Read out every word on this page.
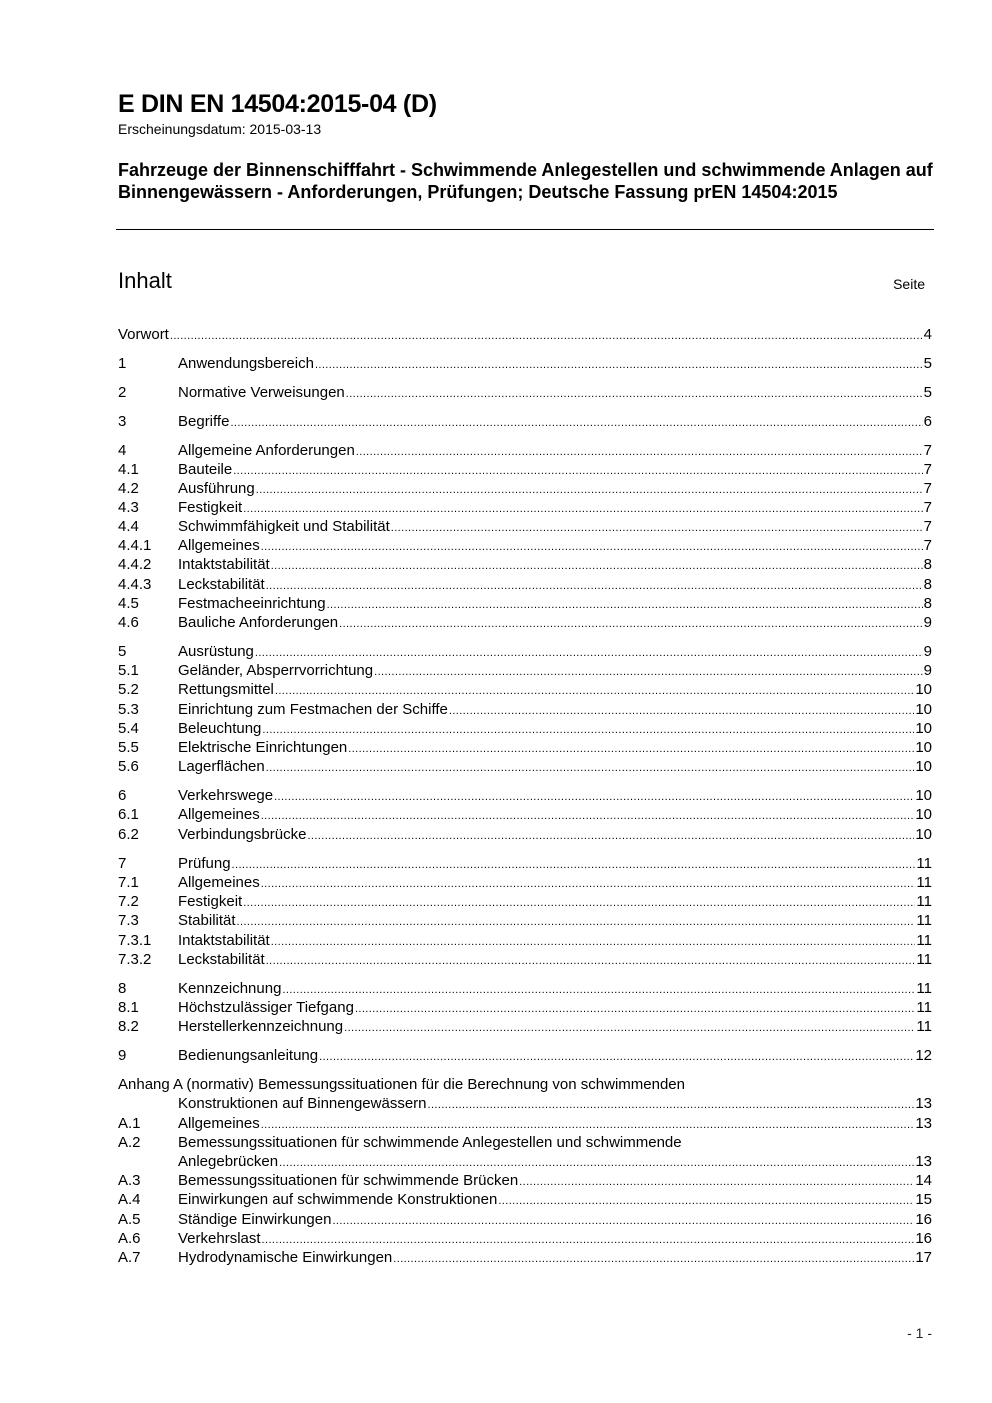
E DIN EN 14504:2015-04 (D)
Erscheinungsdatum: 2015-03-13
Fahrzeuge der Binnenschifffahrt - Schwimmende Anlegestellen und schwimmende Anlagen auf Binnengewässern - Anforderungen, Prüfungen; Deutsche Fassung prEN 14504:2015
Inhalt	Seite
Vorwort .....	4
1	Anwendungsbereich .....	5
2	Normative Verweisungen .....	5
3	Begriffe .....	6
4	Allgemeine Anforderungen .....	7
4.1	Bauteile .....	7
4.2	Ausführung .....	7
4.3	Festigkeit .....	7
4.4	Schwimmfähigkeit und Stabilität .....	7
4.4.1	Allgemeines .....	7
4.4.2	Intaktstabilität .....	8
4.4.3	Leckstabilität .....	8
4.5	Festmacheeinrichtung .....	8
4.6	Bauliche Anforderungen .....	9
5	Ausrüstung .....	9
5.1	Geländer, Absperrvorrichtung .....	9
5.2	Rettungsmittel .....	10
5.3	Einrichtung zum Festmachen der Schiffe .....	10
5.4	Beleuchtung .....	10
5.5	Elektrische Einrichtungen .....	10
5.6	Lagerflächen .....	10
6	Verkehrswege .....	10
6.1	Allgemeines .....	10
6.2	Verbindungsbrücke .....	10
7	Prüfung .....	11
7.1	Allgemeines .....	11
7.2	Festigkeit .....	11
7.3	Stabilität .....	11
7.3.1	Intaktstabilität .....	11
7.3.2	Leckstabilität .....	11
8	Kennzeichnung .....	11
8.1	Höchstzulässiger Tiefgang .....	11
8.2	Herstellerkennzeichnung .....	11
9	Bedienungsanleitung .....	12
Anhang A (normativ) Bemessungssituationen für die Berechnung von schwimmenden
Konstruktionen auf Binnengewässern .....	13
A.1	Allgemeines .....	13
A.2 Bemessungssituationen für schwimmende Anlegestellen und schwimmende
Anlegebrücken .....	13
A.3	Bemessungssituationen für schwimmende Brücken .....	14
A.4	Einwirkungen auf schwimmende Konstruktionen .....	15
A.5	Ständige Einwirkungen .....	16
A.6	Verkehrslast .....	16
A.7	Hydrodynamische Einwirkungen .....	17
- 1 -
